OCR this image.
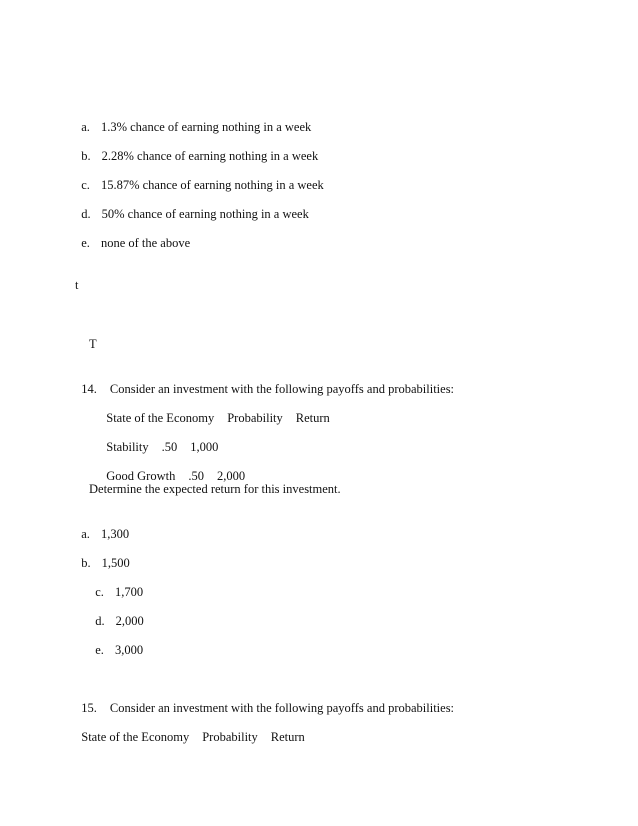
a. 1.3% chance of earning nothing in a week

b. 2.28% chance of earning nothing in a week

c. 15.87% chance of earning nothing in a week

d. 50% chance of earning nothing in a week

e. none of the above

t
T

14. Consider an investment with the following payoffs and probabilities:

State of the Economy Probability Return

Stability .50 1,000

Good Growth .50 2,000

Determine the expected return for this investment.

a. 1,300

b. 1,500

c. 1,700

d. 2,000

e. 3,000

15. Consider an investment with the following payoffs and probabilities:

State of the Economy Probability Return
